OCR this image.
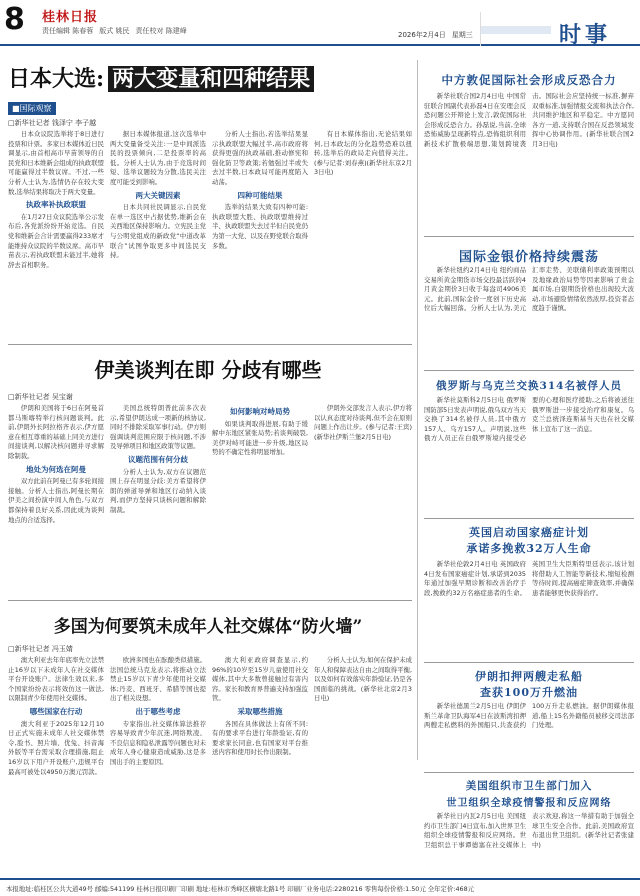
8 桂林日报
责任编辑 陈春蓉 版式 姚民 责任校对 陈建峰	2026年2月4日 星期三	时事
日本大选: 两大变量和四种结果
■国际观察
□新华社记者 钱泽宁 李子越

日本众议院选举将于8日进行投票和计票。多家日本媒体近日民调显示,由首相高市早苗领导的自民党和日本维新会组成的执政联盟可能赢得过半数议席。不过,一些分析人士认为,选情仍存在较大变数,选举结果将取决于两大变量。

执政率补执政联盟

在1月27日众议院选举公示发布后,各党派纷纷开始竞选。自民党和维新会合计需要赢得233席才能维持众议院的半数议席。高市早苗表示,若执政联盟未能过半,她将辞去首相职务。

据日本媒体报道,这次选举中两大变量备受关注:一是中间派选民的投票倾向,二是投票率的高低。分析人士认为,由于竞选时间短、选举议题较为分散,选民关注度可能受到影响。

两大关键因素

日本共同社民调显示,自民党在单一选区中占据优势,维新会在关西地区保持影响力。立宪民主党与公明党组成的新政党“中道改革联合”试图争取更多中间选民支持。

分析人士指出,若选举结果显示执政联盟大幅过半,高市政府将获得更强的执政基础,推动修宪和强化防卫等政策;若勉强过半或失去过半数,日本政局可能再度陷入动荡。

四种可能结果

选举的结果大致有四种可能:执政联盟大胜、执政联盟维持过半、执政联盟失去过半但自民党仍为第一大党、以及在野党联合取得多数。

有日本媒体指出,无论结果如何,日本政坛的分化趋势恐难以扭转,选举后的政局走向值得关注。(参与记者:刘春燕)(新华社东京2月3日电)

伊美谈判在即 分歧有哪些
□新华社记者 吴宝谢

伊朗和美国将于6日在阿曼首都马斯喀特举行核问题谈判。此前,伊朗外长阿拉格齐表示,伊方愿意在相互尊重的基础上同美方进行间接谈判,以解决核问题并寻求解除制裁。

地处为何选在阿曼

双方此前在阿曼已有多轮间接接触。分析人士指出,阿曼长期在伊美之间扮演中间人角色,与双方都保持着良好关系,因此成为谈判地点的合适选择。

美国总统特朗普此前多次表示,希望伊朗达成一项新的核协议,同时不排除采取军事行动。伊方则强调谈判范围应限于核问题,不涉及导弹项目和地区政策等议题。

议题范围有何分歧

分析人士认为,双方在议题范围上存在明显分歧:美方希望将伊朗的弹道导弹和地区行动纳入谈判,而伊方坚持只谈核问题和解除制裁。

如何影响对峙局势

如果谈判取得进展,有助于缓解中东地区紧张局势;若谈判破裂,美伊对峙可能进一步升级,地区局势的不确定性将明显增加。

伊朗外交部发言人表示,伊方将以认真态度对待谈判,但不会在原则问题上作出让步。(参与记者:王宾)(新华社伊斯兰堡2月5日电)

多国为何要筑未成年人社交媒体“防火墙”
□新华社记者 冯玉婧

澳大利亚去年年底率先立法禁止16岁以下未成年人在社交媒体平台开设账户。法律生效以来,多个国家纷纷表示将效仿这一做法,以限制青少年使用社交媒体。

哪些国家在行动

澳大利亚于2025年12月10日正式实施未成年人社交媒体禁令,脸书、照片墙、优兔、抖音海外版等平台需采取合理措施,阻止16岁以下用户开设账户,违规平台最高可被处以4950万澳元罚款。

欧洲多国也在酝酿类似措施。法国总统马克龙表示,将推动立法禁止15岁以下青少年使用社交媒体;丹麦、西班牙、希腊等国也提出了相关设想。

出于哪些考虑

专家指出,社交媒体算法推荐容易导致青少年沉迷,网络欺凌、不良信息和隐私泄露等问题也对未成年人身心健康造成威胁,这是多国出手的主要原因。

澳大利亚政府调查显示,约96%的10岁至15岁儿童使用社交媒体,其中大多数曾接触过有害内容。家长和教育界普遍支持加强监管。

采取哪些措施

各国在具体做法上有所不同:有的要求平台进行年龄验证,有的要求家长同意,也有国家对平台推送内容和使用时长作出限制。

分析人士认为,如何在保护未成年人和保障表达自由之间取得平衡,以及如何有效落实年龄验证,仍是各国面临的挑战。(新华社北京2月3日电)

中方敦促国际社会形成反恐合力

新华社联合国2月4日电 中国常驻联合国副代表孙磊4日在安理会反恐问题公开辩论上发言,敦促国际社会形成反恐合力。孙磊说,当前,全球恐怖威胁呈现新特点,恐怖组织利用新技术扩散极端思想,策划跨境袭击。国际社会应坚持统一标准,摒弃双重标准,加强情报交流和执法合作,共同维护地区和平稳定。中方愿同各方一道,支持联合国在反恐领域发挥中心协调作用。(新华社联合国2月3日电)

国际金银价格持续震荡

新华社纽约2月4日电 纽约商品交易所黄金期货市场交投最活跃的4月黄金期价3日收于每盎司4906美元。此前,国际金价一度创下历史高位后大幅回落。分析人士认为,美元汇率走势、美联储利率政策预期以及地缘政治局势等因素影响了贵金属市场,白银期货价格也出现较大波动,市场避险情绪依然浓厚,投资者态度趋于谨慎。

俄罗斯与乌克兰交换314名被俘人员

新华社莫斯科2月5日电 俄罗斯国防部5日发表声明说,俄乌双方当天交换了314名被俘人员,其中俄方157人、乌方157人。声明说,这些俄方人员正在白俄罗斯境内接受必要的心理和医疗援助,之后将被送往俄罗斯进一步接受治疗和康复。乌克兰总统泽连斯基当天也在社交媒体上宣布了这一消息。

英国启动国家癌症计划
承诺多挽救32万人生命

新华社伦敦2月4日电 英国政府4日发布国家癌症计划,承诺到2035年通过加强早期诊断和改善治疗手段,挽救约32万名癌症患者的生命。英国卫生大臣斯特里廷表示,该计划将借助人工智能等新技术,缩短检测等待时间,提高癌症筛查效率,并确保患者能够更快获得治疗。

伊朗扣押两艘走私船
查获100万升燃油

新华社德黑兰2月5日电 伊朗伊斯兰革命卫队海军4日在波斯湾扣押两艘走私燃料的外国船只,共查获约100万升走私燃油。据伊朗媒体报道,船上15名外籍船员被移交司法部门处理。

美国组织市卫生部门加入
世卫组织全球疫情警报和反应网络

新华社日内瓦2月5日电 美国纽约市卫生部门4日宣布,加入世界卫生组织全球疫情警报和反应网络。世卫组织总干事谭德塞在社交媒体上表示欢迎,称这一举措有助于加强全球卫生安全合作。此前,美国政府宣布退出世卫组织。(新华社记者张建中)

本报地址:临桂区公共大道49号 邮编:541199 桂林日报印刷厂印刷 地址:桂林市秀峰区横塘北路1号 印刷厂业务电话:2280216 零售每份价格:1.50元 全年定价:468元
